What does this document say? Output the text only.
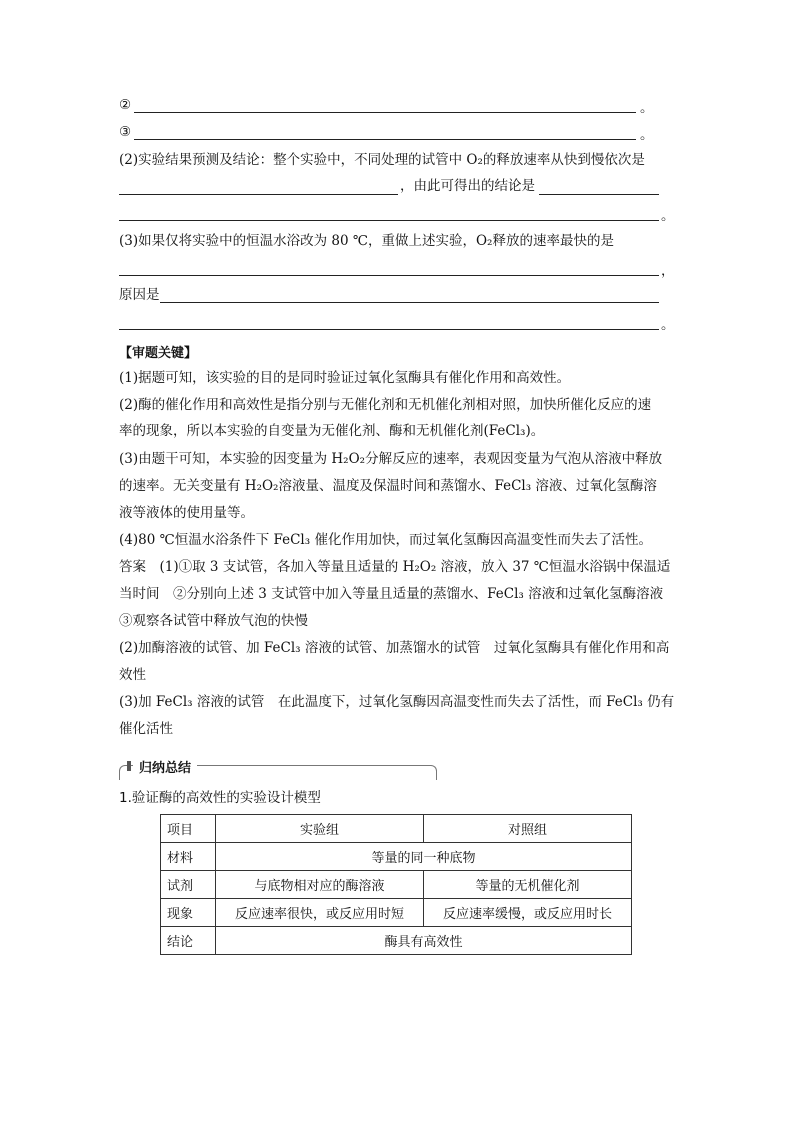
②	。
③	。
(2)实验结果预测及结论：整个实验中，不同处理的试管中 O₂的释放速率从快到慢依次是
，由此可得出的结论是
。
(3)如果仅将实验中的恒温水浴改为 80 ℃，重做上述实验，O₂释放的速率最快的是
，
原因是
。
【审题关键】
(1)据题可知，该实验的目的是同时验证过氧化氢酶具有催化作用和高效性。
(2)酶的催化作用和高效性是指分别与无催化剂和无机催化剂相对照，加快所催化反应的速
率的现象，所以本实验的自变量为无催化剂、酶和无机催化剂(FeCl₃)。
(3)由题干可知，本实验的因变量为 H₂O₂分解反应的速率，表观因变量为气泡从溶液中释放
的速率。无关变量有 H₂O₂溶液量、温度及保温时间和蒸馏水、FeCl₃ 溶液、过氧化氢酶溶
液等液体的使用量等。
(4)80 ℃恒温水浴条件下 FeCl₃ 催化作用加快，而过氧化氢酶因高温变性而失去了活性。
答案　(1)①取 3 支试管，各加入等量且适量的 H₂O₂ 溶液，放入 37 ℃恒温水浴锅中保温适
当时间　②分别向上述 3 支试管中加入等量且适量的蒸馏水、FeCl₃ 溶液和过氧化氢酶溶液
③观察各试管中释放气泡的快慢
(2)加酶溶液的试管、加 FeCl₃ 溶液的试管、加蒸馏水的试管　过氧化氢酶具有催化作用和高
效性
(3)加 FeCl₃ 溶液的试管　在此温度下，过氧化氢酶因高温变性而失去了活性，而 FeCl₃ 仍有
催化活性
归纳总结
1.验证酶的高效性的实验设计模型
项目	实验组	对照组
材料	等量的同一种底物	
试剂	与底物相对应的酶溶液	等量的无机催化剂
现象	反应速率很快，或反应用时短	反应速率缓慢，或反应用时长
结论	酶具有高效性	
